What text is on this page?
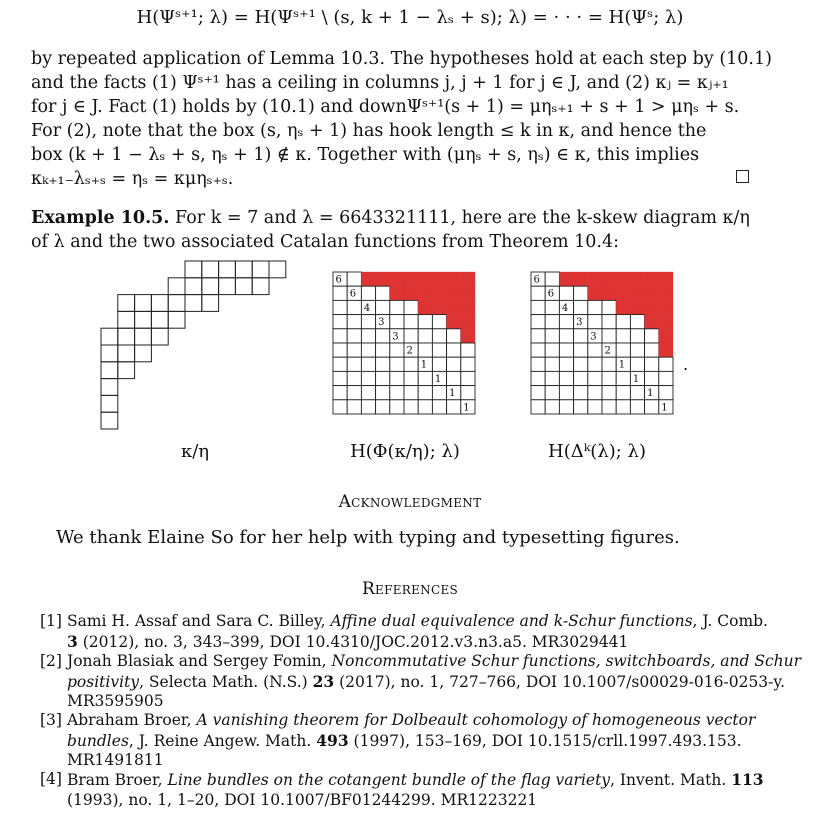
H(Ψˢ⁺¹; λ) = H(Ψˢ⁺¹ \ (s, k + 1 − λₛ + s); λ) = · · · = H(Ψˢ; λ)
by repeated application of Lemma 10.3. The hypotheses hold at each step by (10.1)
and the facts (1) Ψˢ⁺¹ has a ceiling in columns j, j + 1 for j ∈ J, and (2) κⱼ = κⱼ₊₁
for j ∈ J. Fact (1) holds by (10.1) and downΨˢ⁺¹(s + 1) = μηₛ₊₁ + s + 1 > μηₛ + s.
For (2), note that the box (s, ηₛ + 1) has hook length ≤ k in κ, and hence the
box (k + 1 − λₛ + s, ηₛ + 1) ∉ κ. Together with (μηₛ + s, ηₛ) ∈ κ, this implies
κₖ₊₁₋λₛ₊ₛ = ηₛ = κμηₛ₊ₛ.
Example 10.5. For k = 7 and λ = 6643321111, here are the k-skew diagram κ/η
of λ and the two associated Catalan functions from Theorem 10.4:
6
6
4
3
3
2
1
1
1
1
6
6
4
3
3
2
1
1
1
1
.
κ/η	H(Φ(κ/η); λ)	H(Δᵏ(λ); λ)
Acknowledgment
We thank Elaine So for her help with typing and typesetting figures.
References
[1] Sami H. Assaf and Sara C. Billey, Affine dual equivalence and k-Schur functions, J. Comb.
3 (2012), no. 3, 343–399, DOI 10.4310/JOC.2012.v3.n3.a5. MR3029441
[2] Jonah Blasiak and Sergey Fomin, Noncommutative Schur functions, switchboards, and Schur
positivity, Selecta Math. (N.S.) 23 (2017), no. 1, 727–766, DOI 10.1007/s00029-016-0253-y.
MR3595905
[3] Abraham Broer, A vanishing theorem for Dolbeault cohomology of homogeneous vector
bundles, J. Reine Angew. Math. 493 (1997), 153–169, DOI 10.1515/crll.1997.493.153.
MR1491811
[4] Bram Broer, Line bundles on the cotangent bundle of the flag variety, Invent. Math. 113
(1993), no. 1, 1–20, DOI 10.1007/BF01244299. MR1223221
